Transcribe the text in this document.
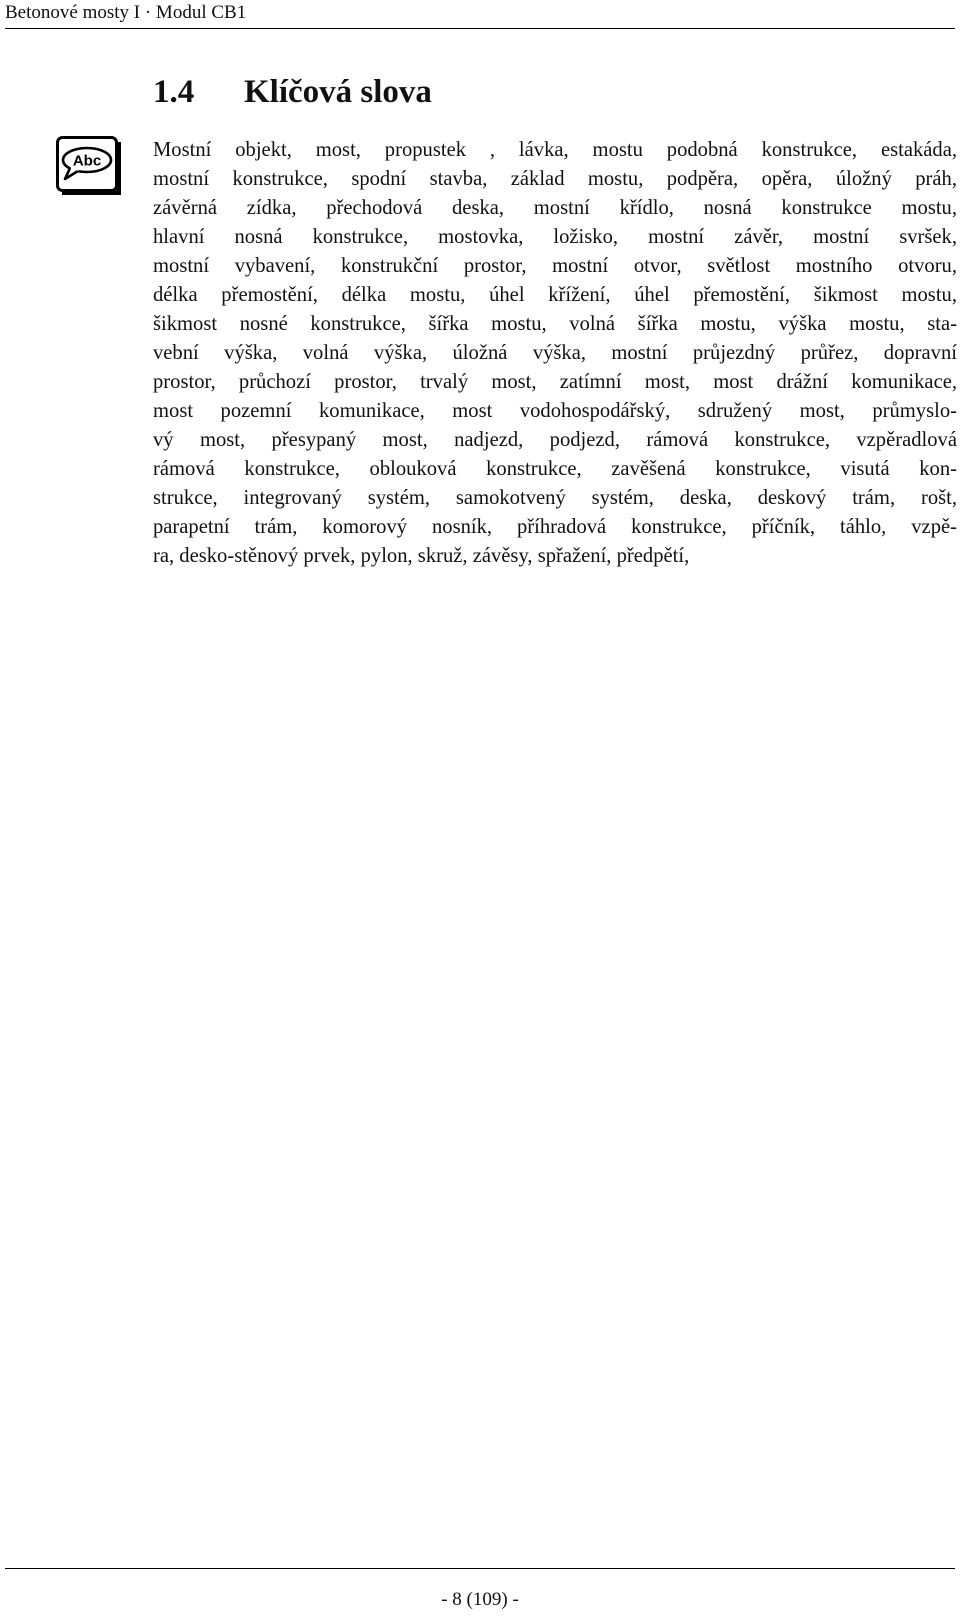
Betonové mosty I · Modul CB1
1.4 Klíčová slova
Abc	Mostní objekt, most, propustek , lávka, mostu podobná konstrukce, estakáda,
mostní konstrukce, spodní stavba, základ mostu, podpěra, opěra, úložný práh,
závěrná zídka, přechodová deska, mostní křídlo, nosná konstrukce mostu,
hlavní nosná konstrukce, mostovka, ložisko, mostní závěr, mostní svršek,
mostní vybavení, konstrukční prostor, mostní otvor, světlost mostního otvoru,
délka přemostění, délka mostu, úhel křížení, úhel přemostění, šikmost mostu,
šikmost nosné konstrukce, šířka mostu, volná šířka mostu, výška mostu, sta-
vební výška, volná výška, úložná výška, mostní průjezdný průřez, dopravní
prostor, průchozí prostor, trvalý most, zatímní most, most drážní komunikace,
most pozemní komunikace, most vodohospodářský, sdružený most, průmyslo-
vý most, přesypaný most, nadjezd, podjezd, rámová konstrukce, vzpěradlová
rámová konstrukce, oblouková konstrukce, zavěšená konstrukce, visutá kon-
strukce, integrovaný systém, samokotvený systém, deska, deskový trám, rošt,
parapetní trám, komorový nosník, příhradová konstrukce, příčník, táhlo, vzpě-
ra, desko-stěnový prvek, pylon, skruž, závěsy, spřažení, předpětí,
- 8 (109) -
